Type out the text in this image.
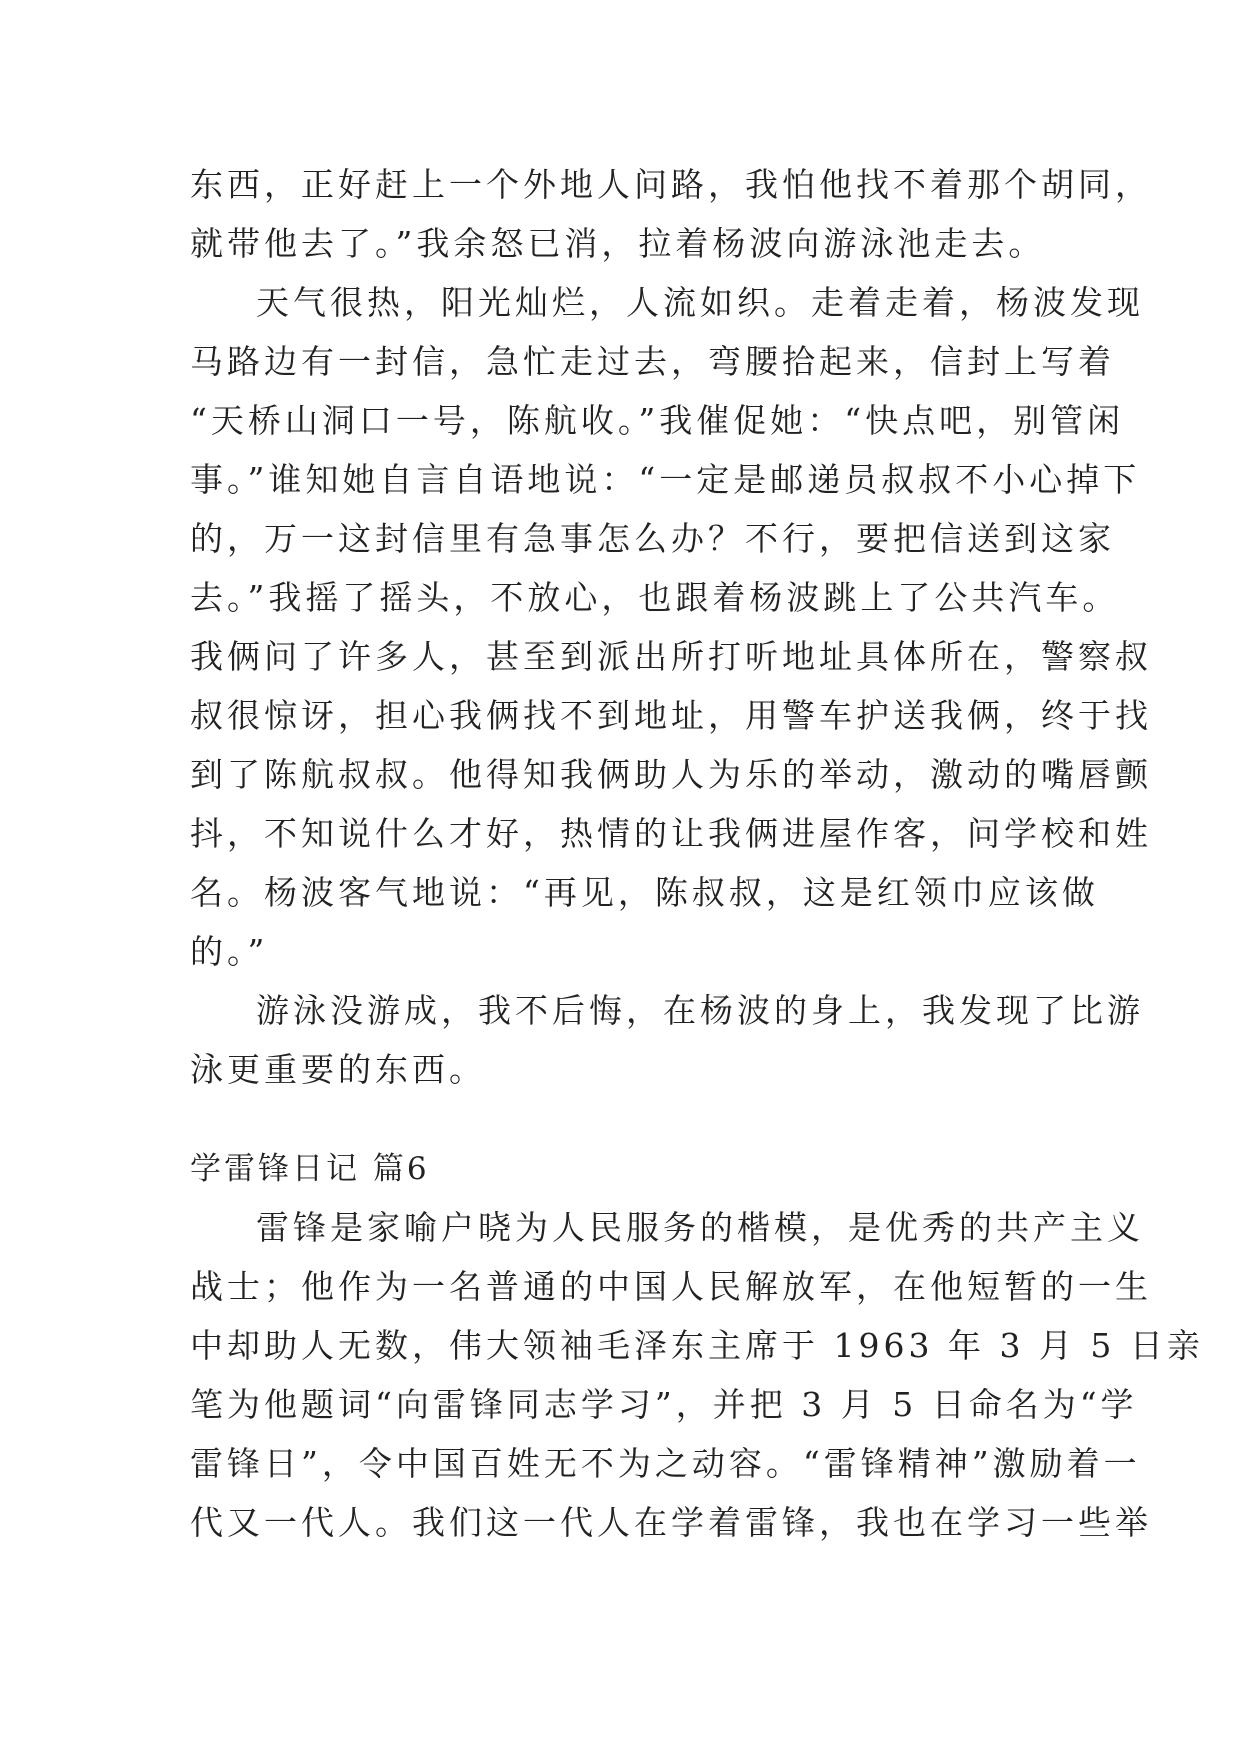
东西，正好赶上一个外地人问路，我怕他找不着那个胡同，
就带他去了。”我余怒已消，拉着杨波向游泳池走去。
天气很热，阳光灿烂，人流如织。走着走着，杨波发现
马路边有一封信，急忙走过去，弯腰拾起来，信封上写着
“天桥山洞口一号，陈航收。”我催促她：“快点吧，别管闲
事。”谁知她自言自语地说：“一定是邮递员叔叔不小心掉下
的，万一这封信里有急事怎么办？不行，要把信送到这家
去。”我摇了摇头，不放心，也跟着杨波跳上了公共汽车。
我俩问了许多人，甚至到派出所打听地址具体所在，警察叔
叔很惊讶，担心我俩找不到地址，用警车护送我俩，终于找
到了陈航叔叔。他得知我俩助人为乐的举动，激动的嘴唇颤
抖，不知说什么才好，热情的让我俩进屋作客，问学校和姓
名。杨波客气地说：“再见，陈叔叔，这是红领巾应该做
的。”
游泳没游成，我不后悔，在杨波的身上，我发现了比游
泳更重要的东西。
学雷锋日记 篇6
雷锋是家喻户晓为人民服务的楷模，是优秀的共产主义
战士；他作为一名普通的中国人民解放军，在他短暂的一生
中却助人无数，伟大领袖毛泽东主席于 1963 年 3 月 5 日亲
笔为他题词“向雷锋同志学习”，并把 3 月 5 日命名为“学
雷锋日”，令中国百姓无不为之动容。“雷锋精神”激励着一
代又一代人。我们这一代人在学着雷锋，我也在学习一些举
